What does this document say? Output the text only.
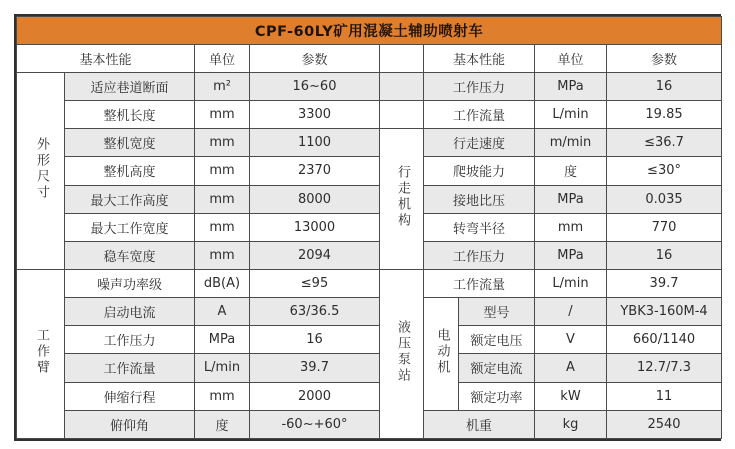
CPF-60LY矿用混凝土辅助喷射车								
基本性能		单位	参数		基本性能		单位	参数
外形尺寸	适应巷道断面	m²	16~60		工作压力		MPa	16
	整机长度	mm	3300		工作流量		L/min	19.85
	整机宽度	mm	1100	行走机构	行走速度		m/min	≤36.7
	整机高度	mm	2370		爬坡能力		度	≤30°
	最大工作高度	mm	8000		接地比压		MPa	0.035
	最大工作宽度	mm	13000		转弯半径		mm	770
	稳车宽度	mm	2094		工作压力		MPa	16
工作臂	噪声功率级	dB(A)	≤95	液压泵站	工作流量		L/min	39.7
	启动电流	A	63/36.5		电动机	型号	/	YBK3-160M-4
	工作压力	MPa	16			额定电压	V	660/1140
	工作流量	L/min	39.7			额定电流	A	12.7/7.3
	伸缩行程	mm	2000			额定功率	kW	11
	俯仰角	度	-60~+60°		机重		kg	2540
